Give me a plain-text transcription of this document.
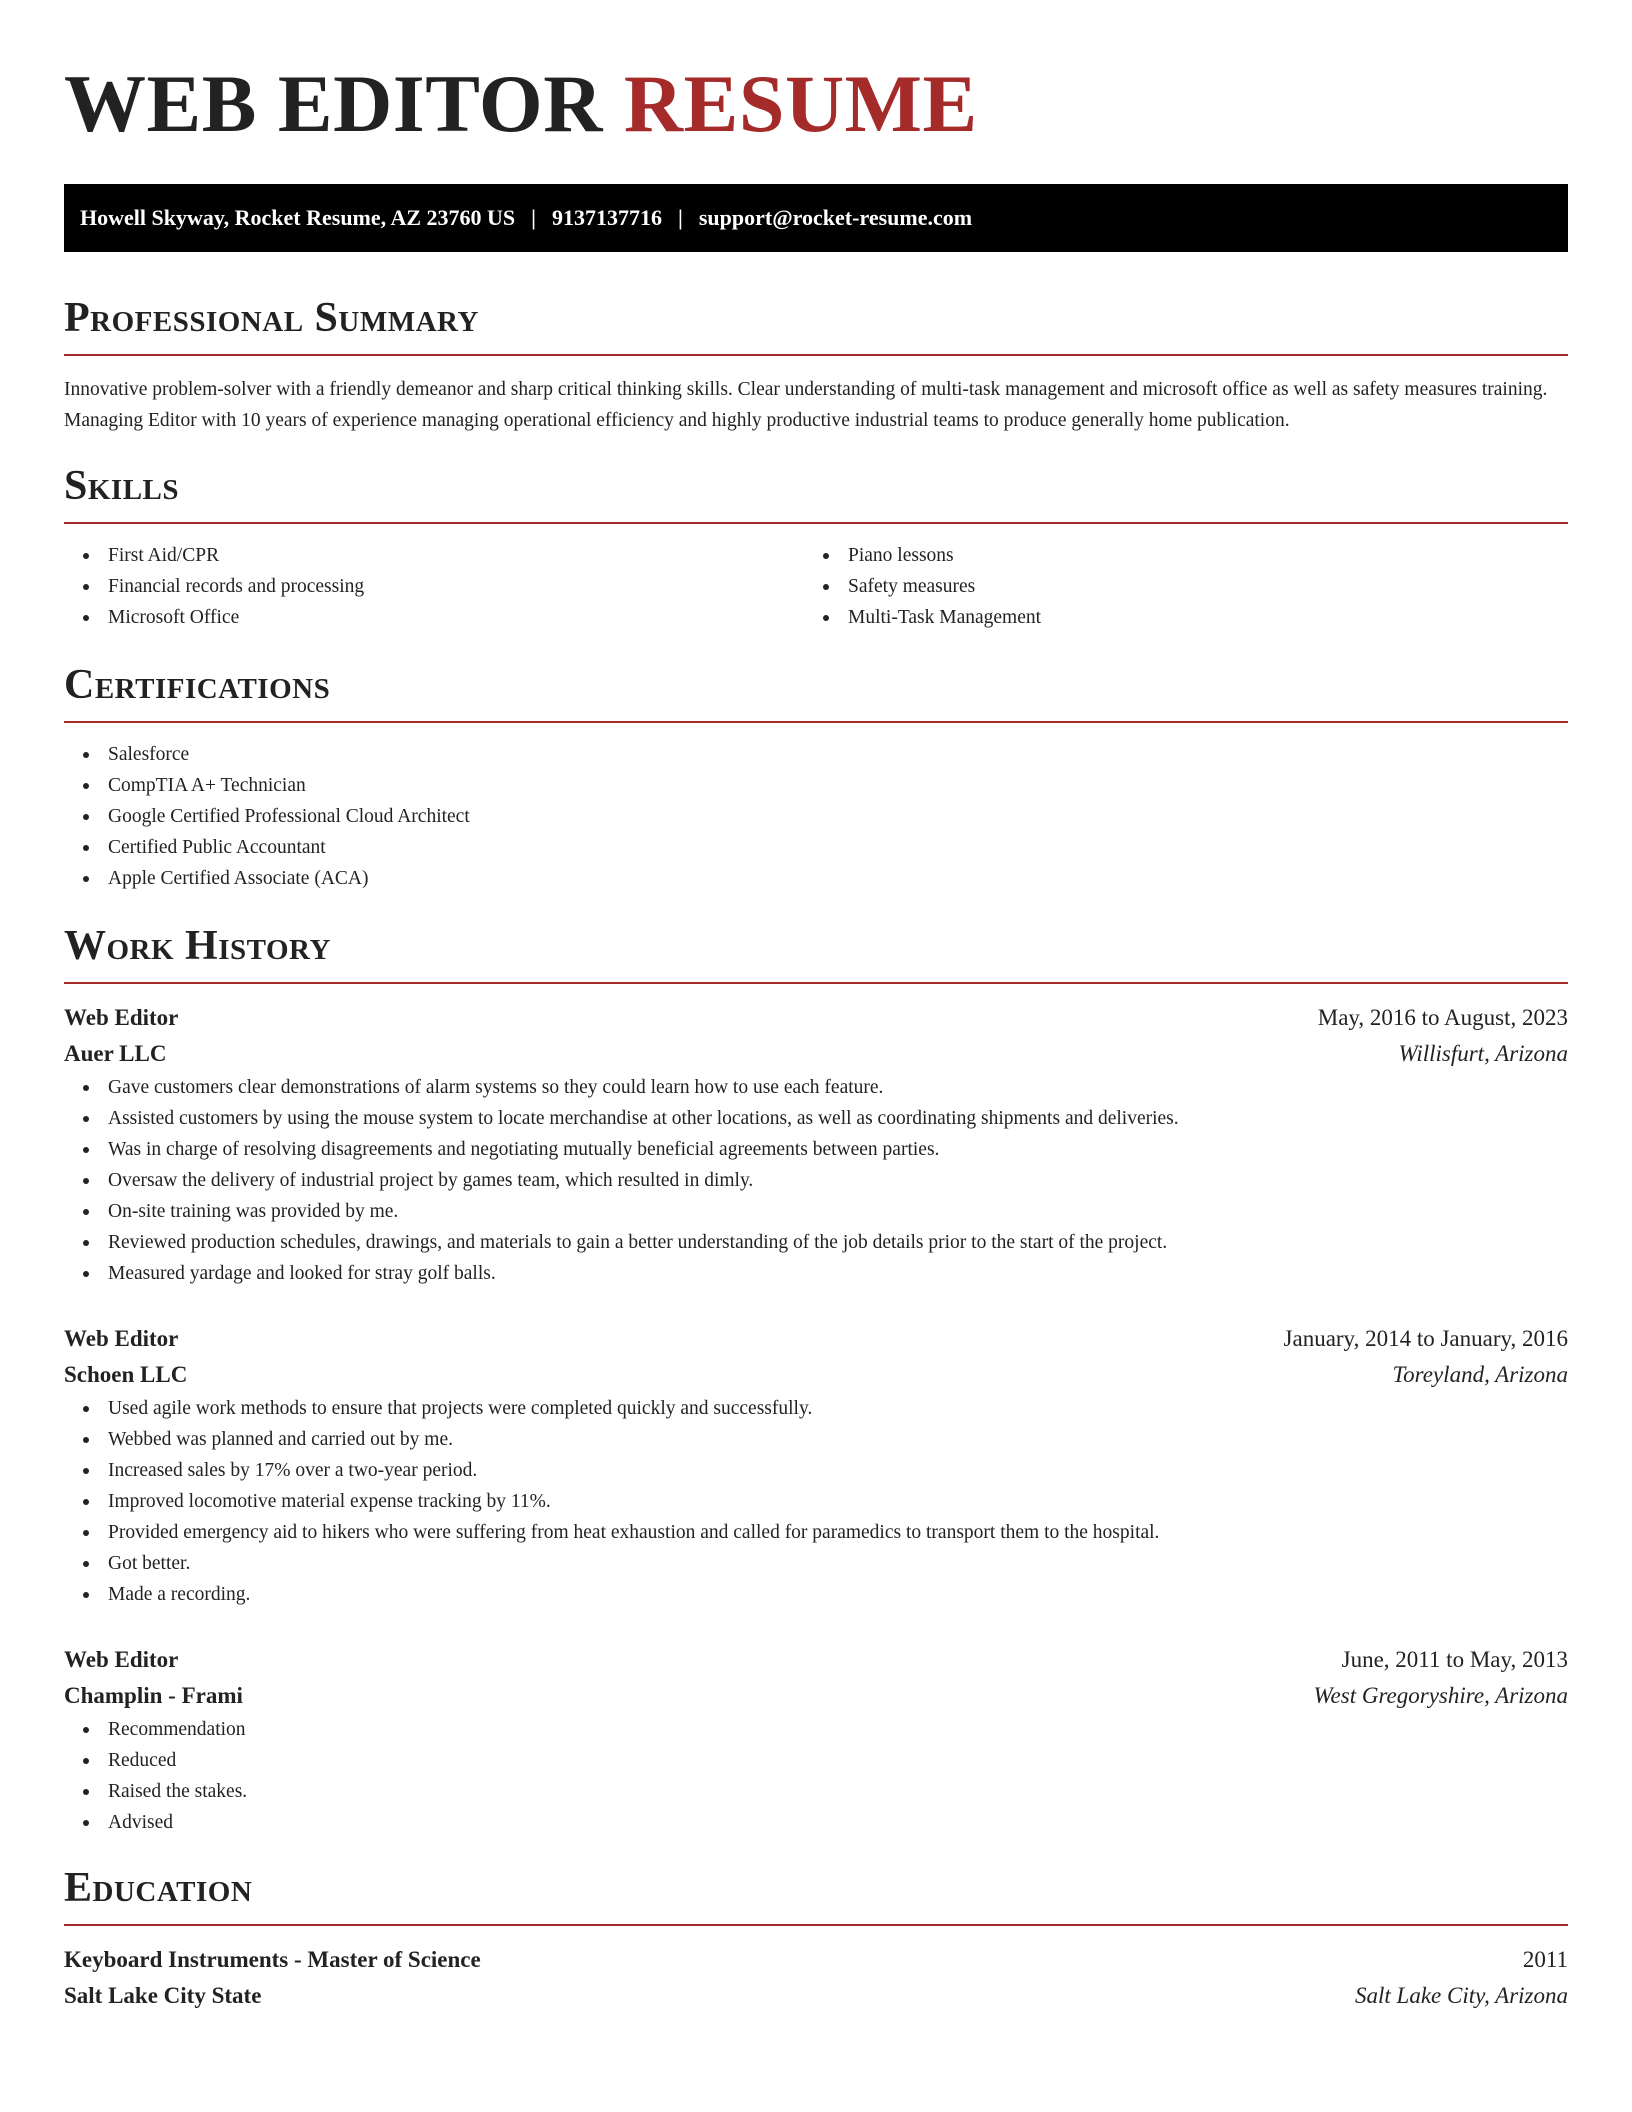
WEB EDITOR RESUME
Howell Skyway, Rocket Resume, AZ 23760 US | 9137137716 | support@rocket-resume.com
Professional Summary

Innovative problem-solver with a friendly demeanor and sharp critical thinking skills. Clear understanding of multi-task management and microsoft office as well as safety measures training. Managing Editor with 10 years of experience managing operational efficiency and highly productive industrial teams to produce generally home publication.

Skills
First Aid/CPR
Financial records and processing
Microsoft Office
Piano lessons
Safety measures
Multi-Task Management
Certifications
Salesforce
CompTIA A+ Technician
Google Certified Professional Cloud Architect
Certified Public Accountant
Apple Certified Associate (ACA)
Work History
Web Editor	May, 2016 to August, 2023
Auer LLC	Willisfurt, Arizona
Gave customers clear demonstrations of alarm systems so they could learn how to use each feature.
Assisted customers by using the mouse system to locate merchandise at other locations, as well as coordinating shipments and deliveries.
Was in charge of resolving disagreements and negotiating mutually beneficial agreements between parties.
Oversaw the delivery of industrial project by games team, which resulted in dimly.
On-site training was provided by me.
Reviewed production schedules, drawings, and materials to gain a better understanding of the job details prior to the start of the project.
Measured yardage and looked for stray golf balls.
Web Editor	January, 2014 to January, 2016
Schoen LLC	Toreyland, Arizona
Used agile work methods to ensure that projects were completed quickly and successfully.
Webbed was planned and carried out by me.
Increased sales by 17% over a two-year period.
Improved locomotive material expense tracking by 11%.
Provided emergency aid to hikers who were suffering from heat exhaustion and called for paramedics to transport them to the hospital.
Got better.
Made a recording.
Web Editor	June, 2011 to May, 2013
Champlin - Frami	West Gregoryshire, Arizona
Recommendation
Reduced
Raised the stakes.
Advised
Education
Keyboard Instruments - Master of Science	2011
Salt Lake City State	Salt Lake City, Arizona
